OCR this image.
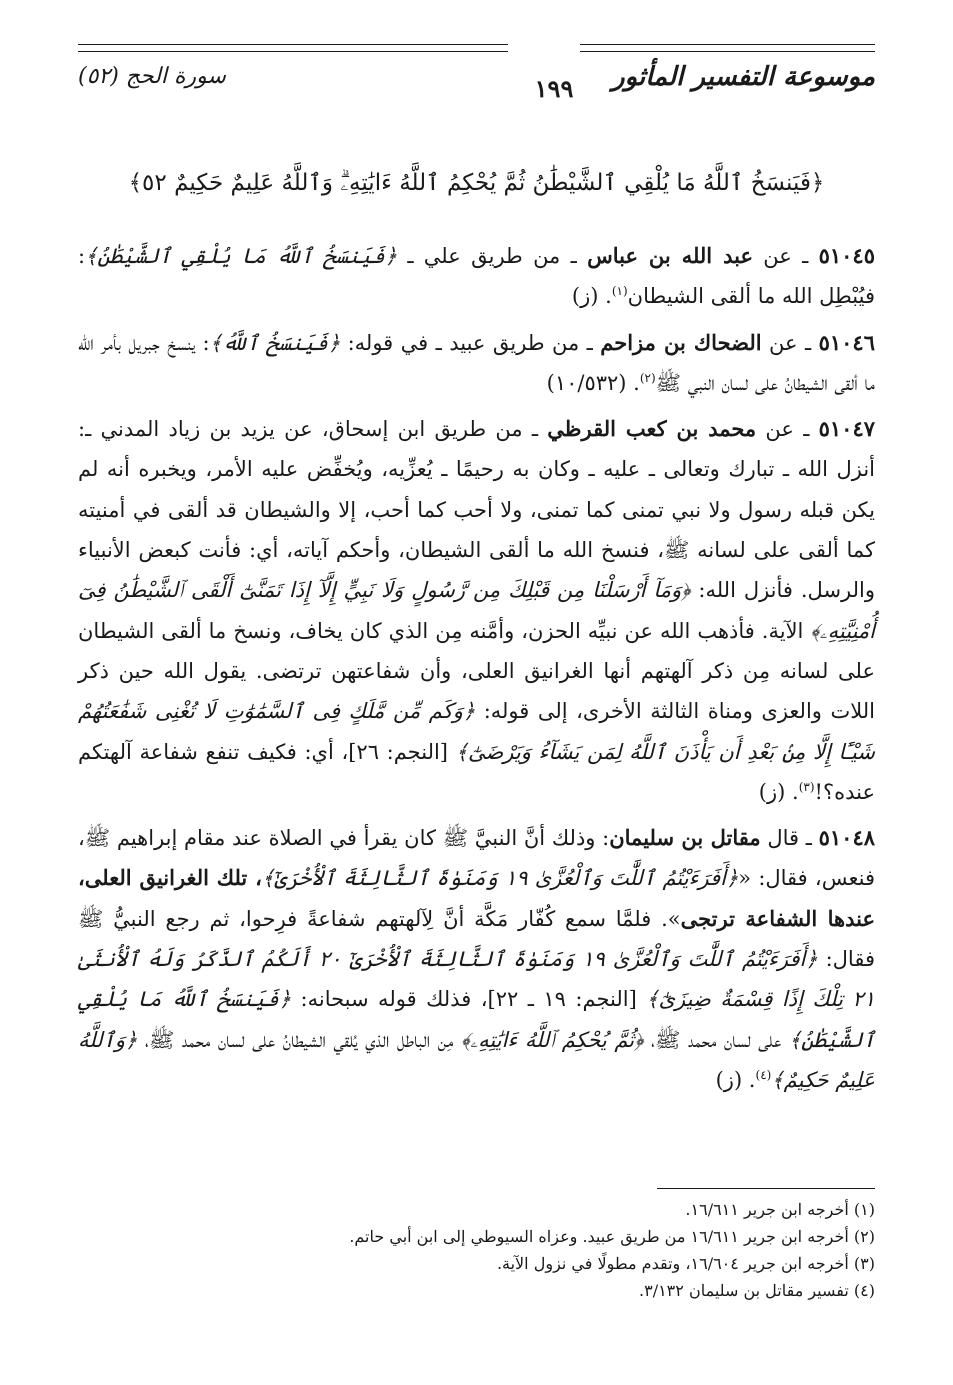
موسوعة التفسير المأثور
سورة الحج (٥٢)	١٩٩
﴿فَيَنسَخُ ٱللَّهُ مَا يُلْقِي ٱلشَّيْطَٰنُ ثُمَّ يُحْكِمُ ٱللَّهُ ءَايَٰتِهِۦۗ وَٱللَّهُ عَلِيمٌ حَكِيمٌ ٥٢﴾

٥١٠٤٥ ـ عن عبد الله بن عباس ـ من طريق علي ـ ﴿فَيَنسَخُ ٱللَّهُ مَا يُلْقِي ٱلشَّيْطَٰنُ﴾: فيُبْطِل الله ما ألقى الشيطان$^{(١)}$. (ز)

٥١٠٤٦ ـ عن الضحاك بن مزاحم ـ من طريق عبيد ـ في قوله: ﴿فَيَنسَخُ ٱللَّهُ﴾: ينسخ جبريل بأمر الله ما ألقى الشيطانُ على لسان النبي ﷺ$^{(٢)}$. (١٠/٥٣٢)

٥١٠٤٧ ـ عن محمد بن كعب القرظي ـ من طريق ابن إسحاق، عن يزيد بن زياد المدني ـ: أنزل الله ـ تبارك وتعالى ـ عليه ـ وكان به رحيمًا ـ يُعزِّيه، ويُخفِّض عليه الأمر، ويخبره أنه لم يكن قبله رسول ولا نبي تمنى كما تمنى، ولا أحب كما أحب، إلا والشيطان قد ألقى في أمنيته كما ألقى على لسانه ﷺ، فنسخ الله ما ألقى الشيطان، وأحكم آياته، أي: فأنت كبعض الأنبياء والرسل. فأنزل الله: ﴿وَمَآ أَرْسَلْنَا مِن قَبْلِكَ مِن رَّسُولٍ وَلَا نَبِيٍّ إِلَّآ إِذَا تَمَنَّىٰٓ أَلْقَى ٱلشَّيْطَٰنُ فِىٓ أُمْنِيَّتِهِۦ﴾ الآية. فأذهب الله عن نبيِّه الحزن، وأمَّنه مِن الذي كان يخاف، ونسخ ما ألقى الشيطان على لسانه مِن ذكر آلهتهم أنها الغرانيق العلى، وأن شفاعتهن ترتضى. يقول الله حين ذكر اللات والعزى ومناة الثالثة الأخرى، إلى قوله: ﴿وَكَم مِّن مَّلَكٍ فِى ٱلسَّمَٰوَٰتِ لَا تُغْنِى شَفَٰعَتُهُمْ شَيْـًٔا إِلَّا مِنۢ بَعْدِ أَن يَأْذَنَ ٱللَّهُ لِمَن يَشَآءُ وَيَرْضَىٰٓ﴾ [النجم: ٢٦]، أي: فكيف تنفع شفاعة آلهتكم عنده؟!$^{(٣)}$. (ز)

٥١٠٤٨ ـ قال مقاتل بن سليمان: وذلك أنَّ النبيَّ ﷺ كان يقرأ في الصلاة عند مقام إبراهيم ﷺ، فنعس، فقال: «﴿أَفَرَءَيْتُمُ ٱللَّٰتَ وَٱلْعُزَّىٰ ١٩ وَمَنَوٰةَ ٱلثَّالِثَةَ ٱلْأُخْرَىٰٓ﴾، تلك الغرانيق العلى، عندها الشفاعة ترتجى». فلمَّا سمع كُفّار مَكَّة أنَّ لِآلهتهم شفاعةً فرِحوا، ثم رجع النبيُّ ﷺ فقال: ﴿أَفَرَءَيْتُمُ ٱللَّٰتَ وَٱلْعُزَّىٰ ١٩ وَمَنَوٰةَ ٱلثَّالِثَةَ ٱلْأُخْرَىٰٓ ٢٠ أَلَكُمُ ٱلذَّكَرُ وَلَهُ ٱلْأُنثَىٰ ٢١ تِلْكَ إِذًا قِسْمَةٌ ضِيزَىٰٓ﴾ [النجم: ١٩ ـ ٢٢]، فذلك قوله سبحانه: ﴿فَيَنسَخُ ٱللَّهُ مَا يُلْقِي ٱلشَّيْطَٰنُ﴾ على لسان محمد ﷺ، ﴿ثُمَّ يُحْكِمُ ٱللَّهُ ءَايَٰتِهِۦ﴾ مِن الباطل الذي يُلقي الشيطانُ على لسان محمد ﷺ، ﴿وَٱللَّهُ عَلِيمٌ حَكِيمٌ﴾$^{(٤)}$. (ز)

(١) أخرجه ابن جرير ١٦/٦١١.
(٢) أخرجه ابن جرير ١٦/٦١١ من طريق عبيد. وعزاه السيوطي إلى ابن أبي حاتم.
(٣) أخرجه ابن جرير ١٦/٦٠٤، وتقدم مطولًا في نزول الآية.
(٤) تفسير مقاتل بن سليمان ٣/١٣٢.
